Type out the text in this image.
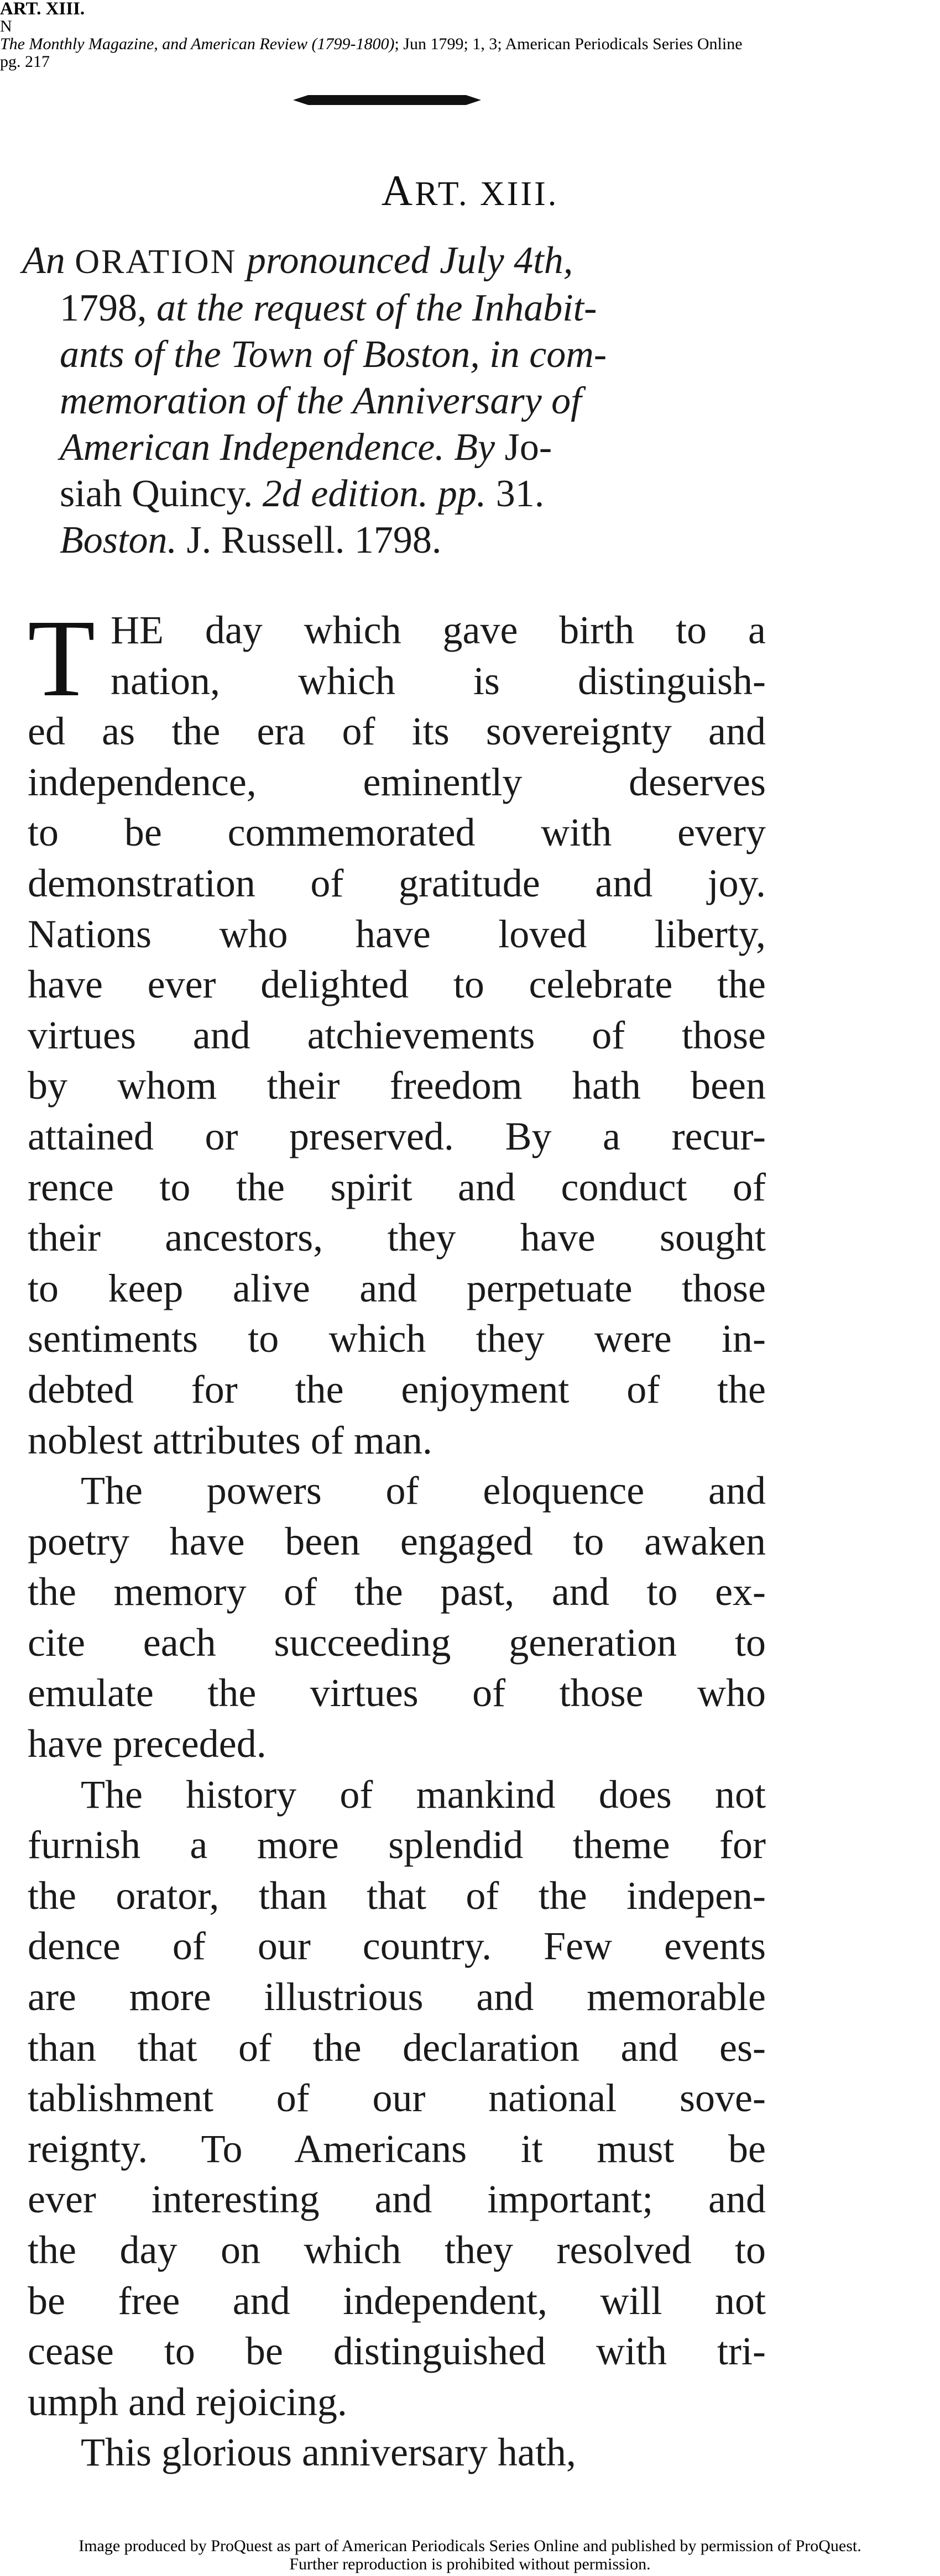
ART. XIII.
N
The Monthly Magazine, and American Review (1799-1800); Jun 1799; 1, 3; American Periodicals Series Online
pg. 217
ART. XIII.
An ORATION pronounced July 4th,
1798, at the request of the Inhabit-
ants of the Town of Boston, in com-
memoration of the Anniversary of
American Independence. By Jo-
siah Quincy. 2d edition. pp. 31.
Boston. J. Russell. 1798.
T HE day which gave birth to a
nation, which is distinguish-
ed as the era of its sovereignty and
independence, eminently deserves
to be commemorated with every
demonstration of gratitude and joy.
Nations who have loved liberty,
have ever delighted to celebrate the
virtues and atchievements of those
by whom their freedom hath been
attained or preserved. By a recur-
rence to the spirit and conduct of
their ancestors, they have sought
to keep alive and perpetuate those
sentiments to which they were in-
debted for the enjoyment of the
noblest attributes of man.
The powers of eloquence and
poetry have been engaged to awaken
the memory of the past, and to ex-
cite each succeeding generation to
emulate the virtues of those who
have preceded.
The history of mankind does not
furnish a more splendid theme for
the orator, than that of the indepen-
dence of our country. Few events
are more illustrious and memorable
than that of the declaration and es-
tablishment of our national sove-
reignty. To Americans it must be
ever interesting and important; and
the day on which they resolved to
be free and independent, will not
cease to be distinguished with tri-
umph and rejoicing.
This glorious anniversary hath,
Image produced by ProQuest as part of American Periodicals Series Online and published by permission of ProQuest.
Further reproduction is prohibited without permission.
